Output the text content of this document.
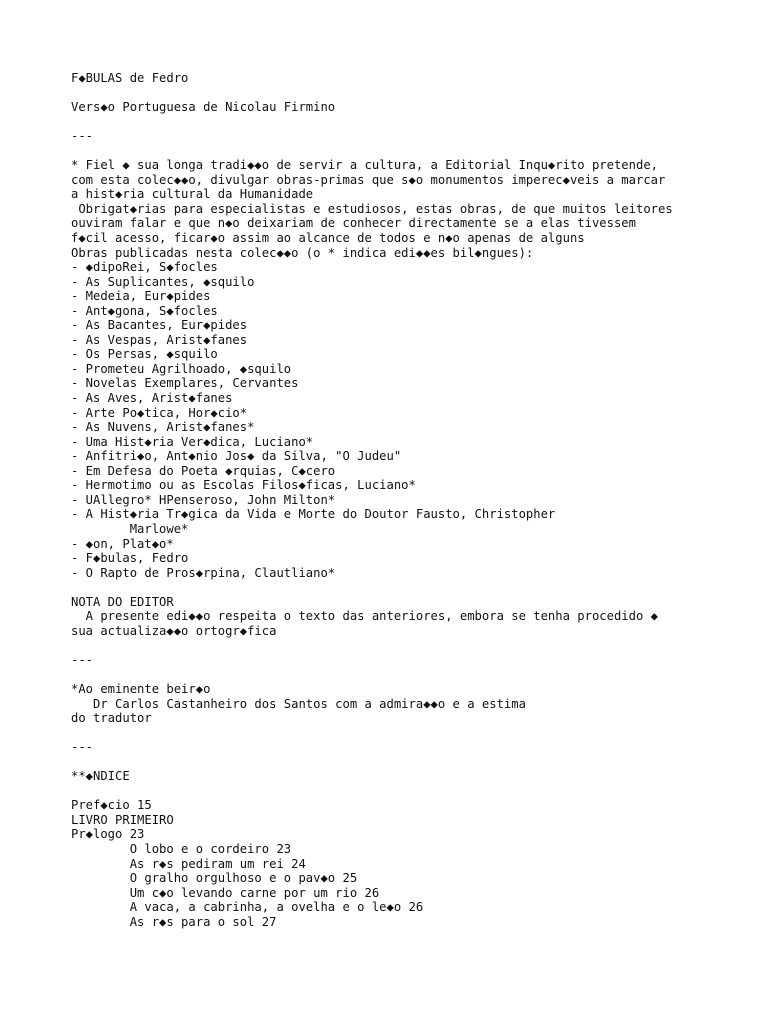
F◆BULAS de Fedro
Vers◆o Portuguesa de Nicolau Firmino
---
* Fiel ◆ sua longa tradi◆◆o de servir a cultura, a Editorial Inqu◆rito pretende,
com esta colec◆◆o, divulgar obras-primas que s◆o monumentos imperec◆veis a marcar
a hist◆ria cultural da Humanidade
Obrigat◆rias para especialistas e estudiosos, estas obras, de que muitos leitores
ouviram falar e que n◆o deixariam de conhecer directamente se a elas tivessem
f◆cil acesso, ficar◆o assim ao alcance de todos e n◆o apenas de alguns
Obras publicadas nesta colec◆◆o (o * indica edi◆◆es bil◆ngues):
- ◆dipoRei, S◆focles
- As Suplicantes, ◆squilo
- Medeia, Eur◆pides
- Ant◆gona, S◆focles
- As Bacantes, Eur◆pides
- As Vespas, Arist◆fanes
- Os Persas, ◆squilo
- Prometeu Agrilhoado, ◆squilo
- Novelas Exemplares, Cervantes
- As Aves, Arist◆fanes
- Arte Po◆tica, Hor◆cio*
- As Nuvens, Arist◆fanes*
- Uma Hist◆ria Ver◆dica, Luciano*
- Anfitri◆o, Ant◆nio Jos◆ da Silva, "O Judeu"
- Em Defesa do Poeta ◆rquias, C◆cero
- Hermotimo ou as Escolas Filos◆ficas, Luciano*
- UAllegro* HPenseroso, John Milton*
- A Hist◆ria Tr◆gica da Vida e Morte do Doutor Fausto, Christopher
Marlowe*
- ◆on, Plat◆o*
- F◆bulas, Fedro
- O Rapto de Pros◆rpina, Clautliano*
NOTA DO EDITOR
A presente edi◆◆o respeita o texto das anteriores, embora se tenha procedido ◆
sua actualiza◆◆o ortogr◆fica
---
*Ao eminente beir◆o
Dr Carlos Castanheiro dos Santos com a admira◆◆o e a estima
do tradutor
---
**◆NDICE
Pref◆cio 15
LIVRO PRIMEIRO
Pr◆logo 23
O lobo e o cordeiro 23
As r◆s pediram um rei 24
O gralho orgulhoso e o pav◆o 25
Um c◆o levando carne por um rio 26
A vaca, a cabrinha, a ovelha e o le◆o 26
As r◆s para o sol 27
